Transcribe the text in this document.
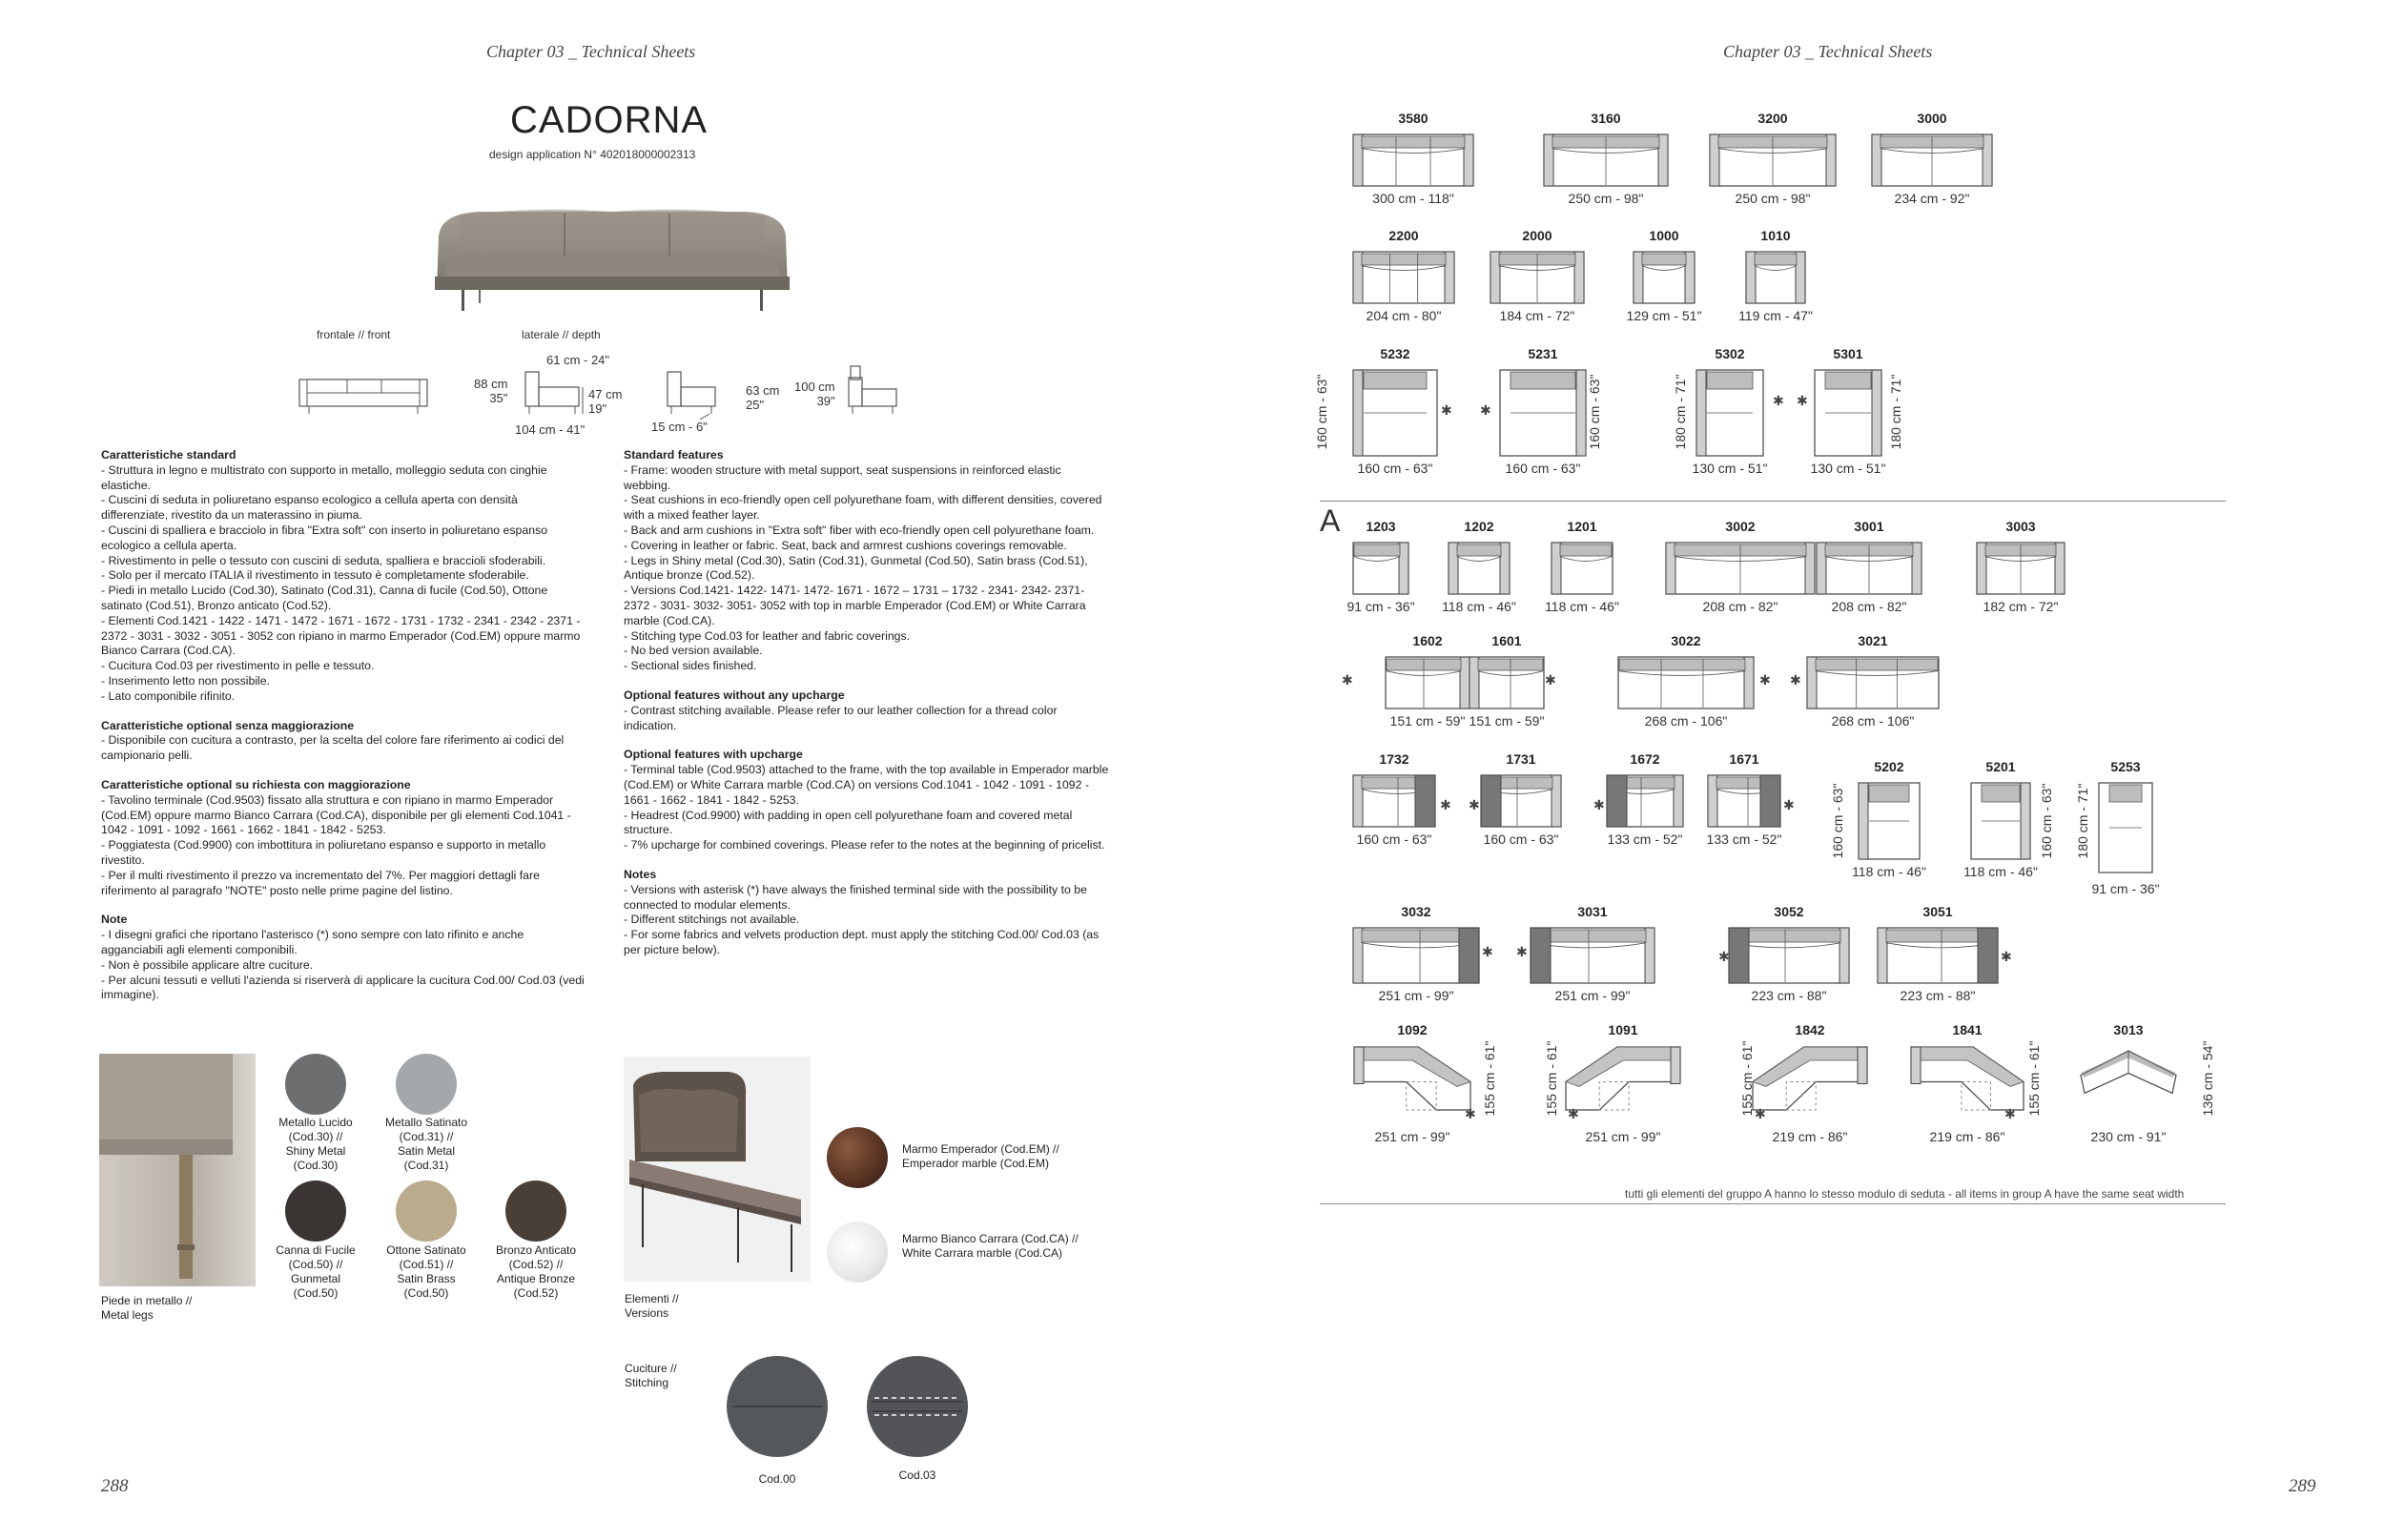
Chapter 03 _ Technical Sheets
288
CADORNA
design application N° 402018000002313
frontale // front	laterale // depth
61 cm - 24"
88 cm
35"	47 cm
19"
104 cm - 41"
63 cm
25"
15 cm - 6"
100 cm
39"
Caratteristiche standard

- Struttura in legno e multistrato con supporto in metallo, molleggio seduta con cinghie elastiche.

- Cuscini di seduta in poliuretano espanso ecologico a cellula aperta con densità differenziate, rivestito da un materassino in piuma.

- Cuscini di spalliera e bracciolo in fibra "Extra soft" con inserto in poliuretano espanso ecologico a cellula aperta.

- Rivestimento in pelle o tessuto con cuscini di seduta, spalliera e braccioli sfoderabili.

- Solo per il mercato ITALIA il rivestimento in tessuto è completamente sfoderabile.

- Piedi in metallo Lucido (Cod.30), Satinato (Cod.31), Canna di fucile (Cod.50), Ottone satinato (Cod.51), Bronzo anticato (Cod.52).

- Elementi Cod.1421 - 1422 - 1471 - 1472 - 1671 - 1672 - 1731 - 1732 - 2341 - 2342 - 2371 - 2372 - 3031 - 3032 - 3051 - 3052 con ripiano in marmo Emperador (Cod.EM) oppure marmo Bianco Carrara (Cod.CA).

- Cucitura Cod.03 per rivestimento in pelle e tessuto.

- Inserimento letto non possibile.

- Lato componibile rifinito.

Caratteristiche optional senza maggiorazione

- Disponibile con cucitura a contrasto, per la scelta del colore fare riferimento ai codici del campionario pelli.

Caratteristiche optional su richiesta con maggiorazione

- Tavolino terminale (Cod.9503) fissato alla struttura e con ripiano in marmo Emperador (Cod.EM) oppure marmo Bianco Carrara (Cod.CA), disponibile per gli elementi Cod.1041 - 1042 - 1091 - 1092 - 1661 - 1662 - 1841 - 1842 - 5253.

- Poggiatesta (Cod.9900) con imbottitura in poliuretano espanso e supporto in metallo rivestito.

- Per il multi rivestimento il prezzo va incrementato del 7%. Per maggiori dettagli fare riferimento al paragrafo "NOTE" posto nelle prime pagine del listino.

Note

- I disegni grafici che riportano l'asterisco (*) sono sempre con lato rifinito e anche agganciabili agli elementi componibili.

- Non è possibile applicare altre cuciture.

- Per alcuni tessuti e velluti l'azienda si riserverà di applicare la cucitura Cod.00/ Cod.03 (vedi immagine).

Standard features

- Frame: wooden structure with metal support, seat suspensions in reinforced elastic webbing.

- Seat cushions in eco-friendly open cell polyurethane foam, with different densities, covered with a mixed feather layer.

- Back and arm cushions in "Extra soft" fiber with eco-friendly open cell polyurethane foam.

- Covering in leather or fabric. Seat, back and armrest cushions coverings removable.

- Legs in Shiny metal (Cod.30), Satin (Cod.31), Gunmetal (Cod.50), Satin brass (Cod.51), Antique bronze (Cod.52).

- Versions Cod.1421- 1422- 1471- 1472- 1671 - 1672 – 1731 – 1732 - 2341- 2342- 2371- 2372 - 3031- 3032- 3051- 3052 with top in marble Emperador (Cod.EM) or White Carrara marble (Cod.CA).

- Stitching type Cod.03 for leather and fabric coverings.

- No bed version available.

- Sectional sides finished.

Optional features without any upcharge

- Contrast stitching available. Please refer to our leather collection for a thread color indication.

Optional features with upcharge

- Terminal table (Cod.9503) attached to the frame, with the top available in Emperador marble (Cod.EM) or White Carrara marble (Cod.CA) on versions Cod.1041 - 1042 - 1091 - 1092 - 1661 - 1662 - 1841 - 1842 - 5253.

- Headrest (Cod.9900) with padding in open cell polyurethane foam and covered metal structure.

- 7% upcharge for combined coverings. Please refer to the notes at the beginning of pricelist.

Notes

- Versions with asterisk (*) have always the finished terminal side with the possibility to be connected to modular elements.

- Different stitchings not available.

- For some fabrics and velvets production dept. must apply the stitching Cod.00/ Cod.03 (as per picture below).

Piede in metallo //
Metal legs
Metallo Lucido
(Cod.30) //
Shiny Metal
(Cod.30)
Metallo Satinato
(Cod.31) //
Satin Metal
(Cod.31)
Canna di Fucile
(Cod.50) //
Gunmetal
(Cod.50)
Ottone Satinato
(Cod.51) //
Satin Brass
(Cod.50)
Bronzo Anticato
(Cod.52) //
Antique Bronze
(Cod.52)	Elementi //
Versions
Marmo Emperador (Cod.EM) //
Emperador marble (Cod.EM)
Marmo Bianco Carrara (Cod.CA) //
White Carrara marble (Cod.CA)
Cuciture //
Stitching
Cod.00	Cod.03
Chapter 03 _ Technical Sheets
289
3580
300 cm - 118"
3160
250 cm - 98"
3200
250 cm - 98"
3000
234 cm - 92"
2200
204 cm - 80"
2000
184 cm - 72"
1000
129 cm - 51"
1010
119 cm - 47"
5232
160 cm - 63"
160 cm - 63"
5231
160 cm - 63"
160 cm - 63"
5302
130 cm - 51"
180 cm - 71"
5301
130 cm - 51"
180 cm - 71"
✱ ✱
✱ ✱
1203
91 cm - 36"
1202
118 cm - 46"
1201
118 cm - 46"
3002
208 cm - 82"
3001
208 cm - 82"
3003
182 cm - 72"
1602
151 cm - 59"
1601
151 cm - 59"
3022
268 cm - 106"
3021
268 cm - 106"
✱	✱	✱ ✱
1732
160 cm - 63"
1731
160 cm - 63"
1672
133 cm - 52"
1671
133 cm - 52"
✱ ✱	✱	✱
5202
118 cm - 46"
160 cm - 63"
5201
118 cm - 46"
160 cm - 63"
5253
91 cm - 36"
180 cm - 71"
3032
251 cm - 99"
3031
251 cm - 99"
3052
223 cm - 88"
3051
223 cm - 88"
✱ ✱	✱	✱
1092
251 cm - 99"
155 cm - 61"
1091
251 cm - 99"
155 cm - 61"
1842
219 cm - 86"
155 cm - 61"
1841
219 cm - 86"
155 cm - 61"
3013
230 cm - 91"
136 cm - 54"
✱	✱	✱	✱
A
tutti gli elementi del gruppo A hanno lo stesso modulo di seduta - all items in group A have the same seat width
